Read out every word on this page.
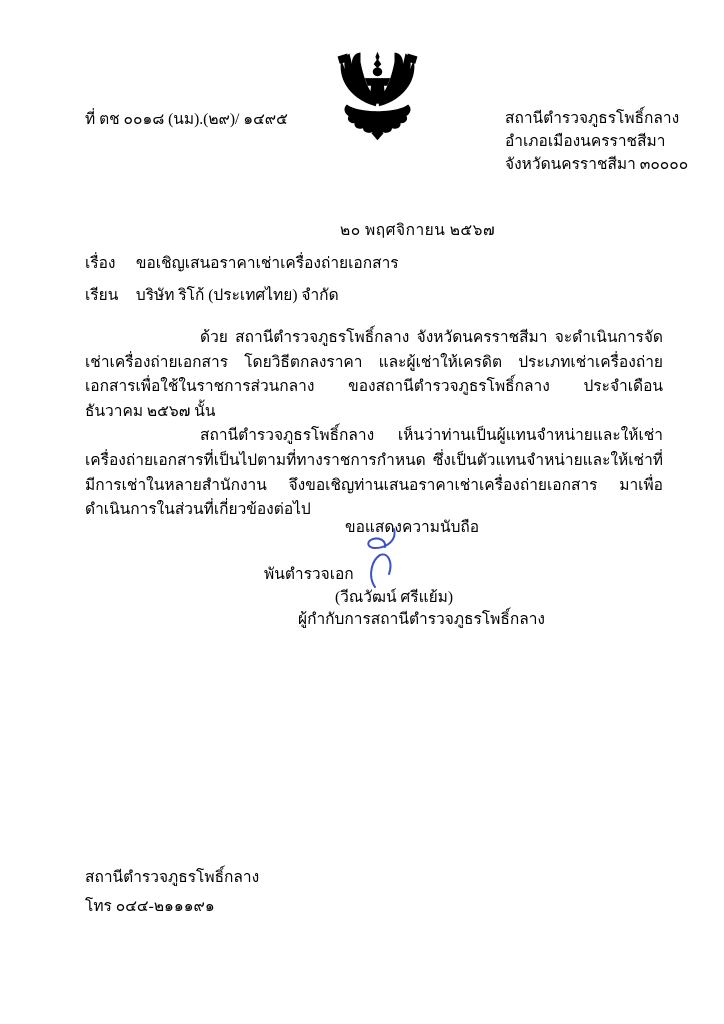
ที่ ตช ๐๐๑๘ (นม).(๒๙)/ ๑๔๙๕	สถานีตำรวจภูธรโพธิ์กลาง
อำเภอเมืองนครราชสีมา
จังหวัดนครราชสีมา ๓๐๐๐๐
๒๐ พฤศจิกายน ๒๕๖๗
เรื่อง ขอเชิญเสนอราคาเช่าเครื่องถ่ายเอกสาร
เรียน บริษัท ริโก้ (ประเทศไทย) จำกัด

ด้วย สถานีตำรวจภูธรโพธิ์กลาง จังหวัดนครราชสีมา จะดำเนินการจัดเช่าเครื่องถ่ายเอกสาร โดยวิธีตกลงราคา และผู้เช่าให้เครดิต ประเภทเช่าเครื่องถ่ายเอกสารเพื่อใช้ในราชการส่วนกลาง ของสถานีตำรวจภูธรโพธิ์กลาง ประจำเดือน ธันวาคม ๒๕๖๗ นั้น

สถานีตำรวจภูธรโพธิ์กลาง เห็นว่าท่านเป็นผู้แทนจำหน่ายและให้เช่าเครื่องถ่ายเอกสารที่เป็นไปตามที่ทางราชการกำหนด ซึ่งเป็นตัวแทนจำหน่ายและให้เช่าที่มีการเช่าในหลายสำนักงาน จึงขอเชิญท่านเสนอราคาเช่าเครื่องถ่ายเอกสาร มาเพื่อดำเนินการในส่วนที่เกี่ยวข้องต่อไป

ขอแสดงความนับถือ
พันตำรวจเอก
(วีณวัฒน์ ศรีแย้ม)
ผู้กำกับการสถานีตำรวจภูธรโพธิ์กลาง
สถานีตำรวจภูธรโพธิ์กลาง
โทร ๐๔๔-๒๑๑๑๙๑
